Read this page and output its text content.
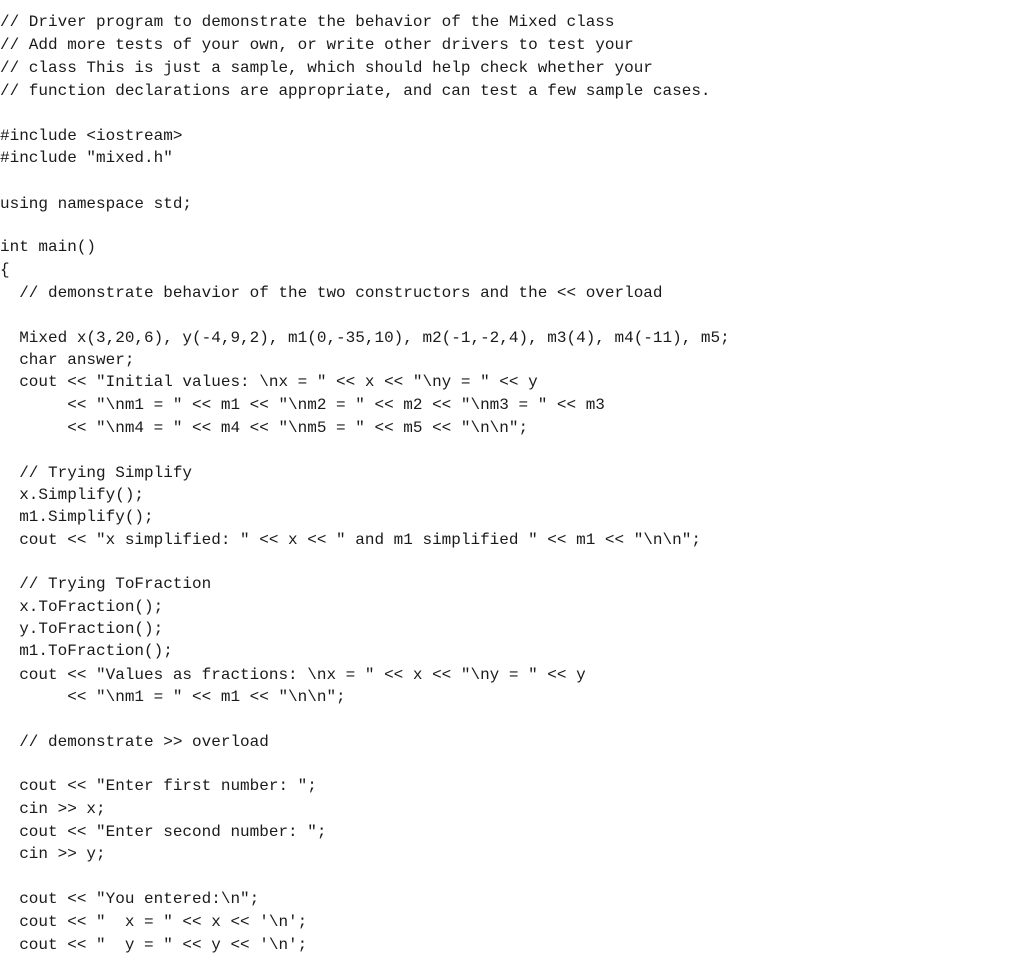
// Driver program to demonstrate the behavior of the Mixed class
// Add more tests of your own, or write other drivers to test your
// class This is just a sample, which should help check whether your
// function declarations are appropriate, and can test a few sample cases.
#include <iostream>
#include "mixed.h"
using namespace std;
int main()
{
// demonstrate behavior of the two constructors and the << overload
Mixed x(3,20,6), y(-4,9,2), m1(0,-35,10), m2(-1,-2,4), m3(4), m4(-11), m5;
char answer;
cout << "Initial values: \nx = " << x << "\ny = " << y
<< "\nm1 = " << m1 << "\nm2 = " << m2 << "\nm3 = " << m3
<< "\nm4 = " << m4 << "\nm5 = " << m5 << "\n\n";
// Trying Simplify
x.Simplify();
m1.Simplify();
cout << "x simplified: " << x << " and m1 simplified " << m1 << "\n\n";
// Trying ToFraction
x.ToFraction();
y.ToFraction();
m1.ToFraction();
cout << "Values as fractions: \nx = " << x << "\ny = " << y
<< "\nm1 = " << m1 << "\n\n";
// demonstrate >> overload
cout << "Enter first number: ";
cin >> x;
cout << "Enter second number: ";
cin >> y;
cout << "You entered:\n";
cout << "  x = " << x << '\n';
cout << "  y = " << y << '\n';
